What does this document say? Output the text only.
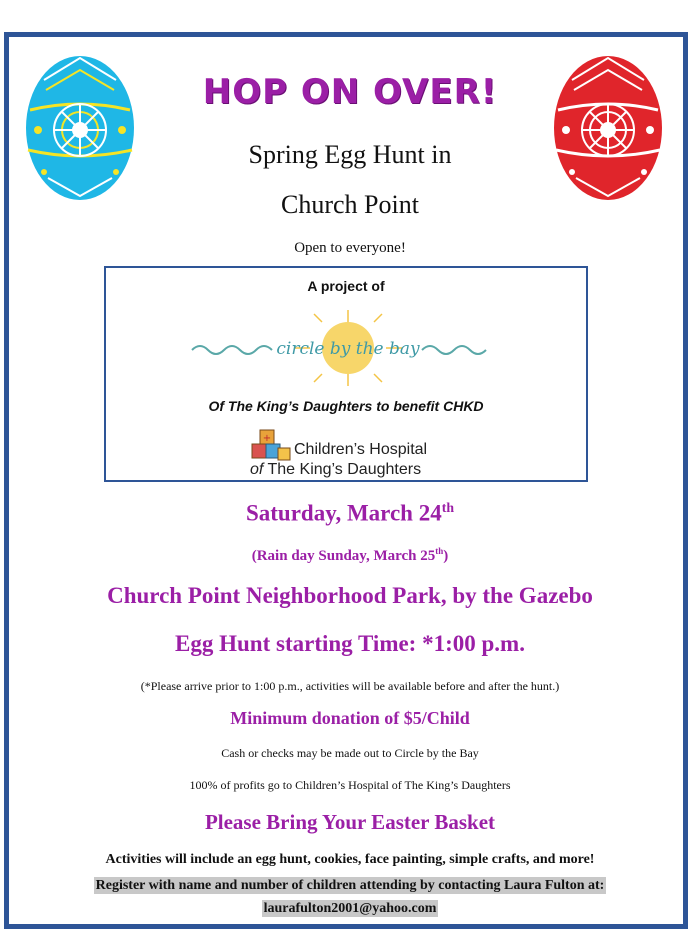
HOP ON OVER!
Spring Egg Hunt in
Church Point
Open to everyone!
A project of
circle by the bay
Of The King’s Daughters to benefit CHKD
+
Children’s Hospital
of The King’s Daughters
Saturday, March 24th
(Rain day Sunday, March 25th)
Church Point Neighborhood Park, by the Gazebo
Egg Hunt starting Time: *1:00 p.m.
(*Please arrive prior to 1:00 p.m., activities will be available before and after the hunt.)
Minimum donation of $5/Child
Cash or checks may be made out to Circle by the Bay
100% of profits go to Children’s Hospital of The King’s Daughters
Please Bring Your Easter Basket
Activities will include an egg hunt, cookies, face painting, simple crafts, and more!
Register with name and number of children attending by contacting Laura Fulton at:
laurafulton2001@yahoo.com
